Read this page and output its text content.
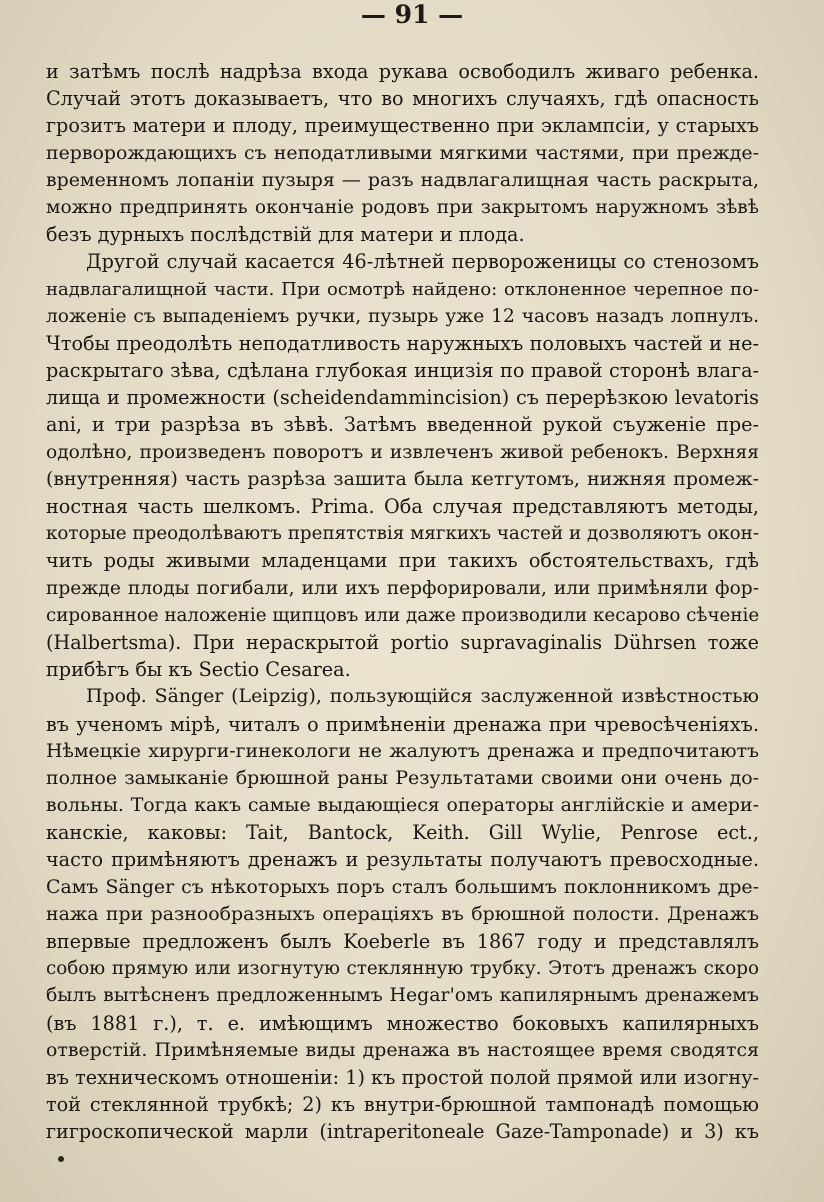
— 91 —
и затѣмъ послѣ надрѣза входа рукава освободилъ живаго ребенка.
Случай этотъ доказываетъ, что во многихъ случаяхъ, гдѣ опасность
грозитъ матери и плоду, преимущественно при эклампсіи, у старыхъ
перворождающихъ съ неподатливыми мягкими частями, при прежде-
временномъ лопаніи пузыря — разъ надвлагалищная часть раскрыта,
можно предпринять окончаніе родовъ при закрытомъ наружномъ зѣвѣ
безъ дурныхъ послѣдствій для матери и плода.
Другой случай касается 46-лѣтней первороженицы со стенозомъ
надвлагалищной части. При осмотрѣ найдено: отклоненное черепное по-
ложеніе съ выпаденіемъ ручки, пузырь уже 12 часовъ назадъ лопнулъ.
Чтобы преодолѣть неподатливость наружныхъ половыхъ частей и не-
раскрытаго зѣва, сдѣлана глубокая инцизія по правой сторонѣ влага-
лища и промежности (scheidendammincision) съ перерѣзкою levatoris
ani, и три разрѣза въ зѣвѣ. Затѣмъ введенной рукой съуженіе пре-
одолѣно, произведенъ поворотъ и извлеченъ живой ребенокъ. Верхняя
(внутренняя) часть разрѣза зашита была кетгутомъ, нижняя промеж-
ностная часть шелкомъ. Prima. Оба случая представляютъ методы,
которые преодолѣваютъ препятствія мягкихъ частей и дозволяютъ окон-
чить роды живыми младенцами при такихъ обстоятельствахъ, гдѣ
прежде плоды погибали, или ихъ перфорировали, или примѣняли фор-
сированное наложеніе щипцовъ или даже производили кесарово сѣченіе
(Halbertsma). При нераскрытой portio supravaginalis Dührsen тоже
прибѣгъ бы къ Sectio Cesarea.
Проф. Sänger (Leipzig), пользующійся заслуженной извѣстностью
въ ученомъ мірѣ, читалъ о примѣненіи дренажа при чревосѣченіяхъ.
Нѣмецкіе хирурги-гинекологи не жалуютъ дренажа и предпочитаютъ
полное замыканіе брюшной раны Результатами своими они очень до-
вольны. Тогда какъ самые выдающіеся операторы англійскіе и амери-
канскіе, каковы: Tait, Bantock, Keith. Gill Wylie, Penrose ect.,
часто примѣняютъ дренажъ и результаты получаютъ превосходные.
Самъ Sänger съ нѣкоторыхъ поръ сталъ большимъ поклонникомъ дре-
нажа при разнообразныхъ операціяхъ въ брюшной полости. Дренажъ
впервые предложенъ былъ Koeberle въ 1867 году и представлялъ
собою прямую или изогнутую стеклянную трубку. Этотъ дренажъ скоро
былъ вытѣсненъ предложеннымъ Hegar'омъ капилярнымъ дренажемъ
(въ 1881 г.), т. е. имѣющимъ множество боковыхъ капилярныхъ
отверстій. Примѣняемые виды дренажа въ настоящее время сводятся
въ техническомъ отношеніи: 1) къ простой полой прямой или изогну-
той стеклянной трубкѣ; 2) къ внутри-брюшной тампонадѣ помощью
гигроскопической марли (intraperitoneale Gaze-Tamponade) и 3) къ
